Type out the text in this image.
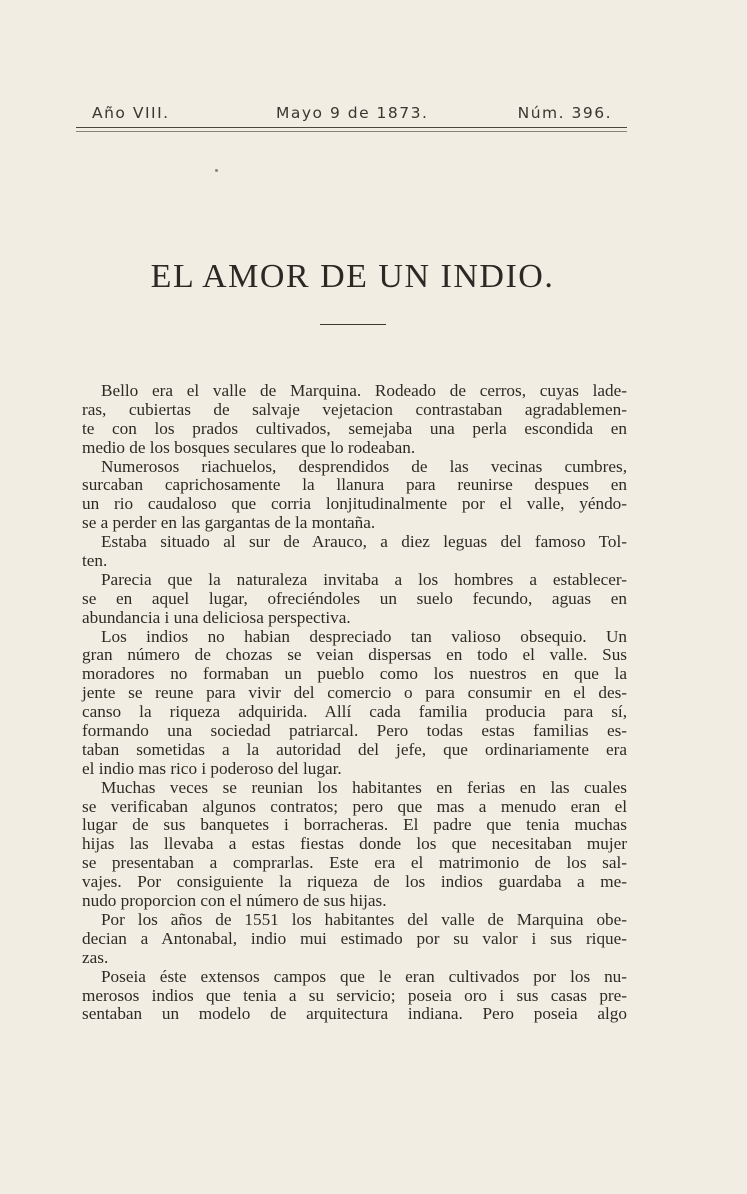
Año VIII.	Mayo 9 de 1873.	Núm. 396.
EL AMOR DE UN INDIO.
Bello era el valle de Marquina. Rodeado de cerros, cuyas lade-
ras, cubiertas de salvaje vejetacion contrastaban agradablemen-
te con los prados cultivados, semejaba una perla escondida en
medio de los bosques seculares que lo rodeaban.
Numerosos riachuelos, desprendidos de las vecinas cumbres,
surcaban caprichosamente la llanura para reunirse despues en
un rio caudaloso que corria lonjitudinalmente por el valle, yéndo-
se a perder en las gargantas de la montaña.
Estaba situado al sur de Arauco, a diez leguas del famoso Tol-
ten.
Parecia que la naturaleza invitaba a los hombres a establecer-
se en aquel lugar, ofreciéndoles un suelo fecundo, aguas en
abundancia i una deliciosa perspectiva.
Los indios no habian despreciado tan valioso obsequio. Un
gran número de chozas se veian dispersas en todo el valle. Sus
moradores no formaban un pueblo como los nuestros en que la
jente se reune para vivir del comercio o para consumir en el des-
canso la riqueza adquirida. Allí cada familia producia para sí,
formando una sociedad patriarcal. Pero todas estas familias es-
taban sometidas a la autoridad del jefe, que ordinariamente era
el indio mas rico i poderoso del lugar.
Muchas veces se reunian los habitantes en ferias en las cuales
se verificaban algunos contratos; pero que mas a menudo eran el
lugar de sus banquetes i borracheras. El padre que tenia muchas
hijas las llevaba a estas fiestas donde los que necesitaban mujer
se presentaban a comprarlas. Este era el matrimonio de los sal-
vajes. Por consiguiente la riqueza de los indios guardaba a me-
nudo proporcion con el número de sus hijas.
Por los años de 1551 los habitantes del valle de Marquina obe-
decian a Antonabal, indio mui estimado por su valor i sus rique-
zas.
Poseia éste extensos campos que le eran cultivados por los nu-
merosos indios que tenia a su servicio; poseia oro i sus casas pre-
sentaban un modelo de arquitectura indiana. Pero poseia algo
